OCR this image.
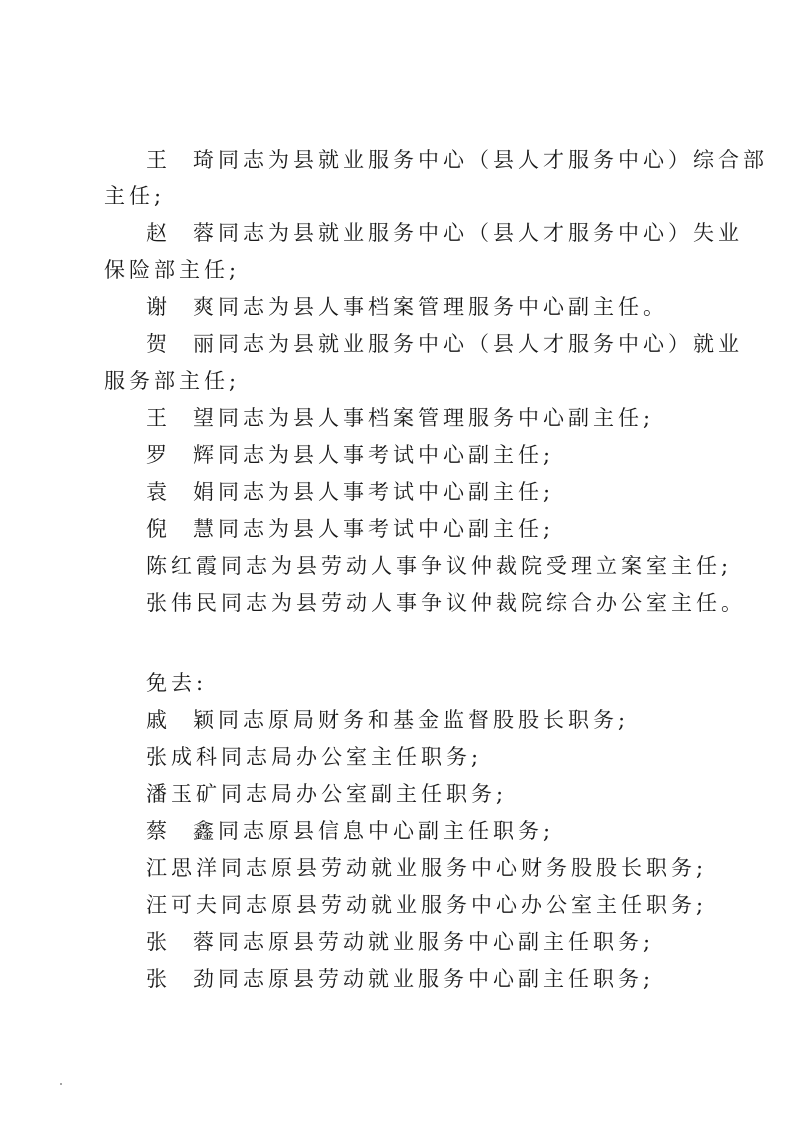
王 琦同志为县就业服务中心（县人才服务中心）综合部
主任;
赵 蓉同志为县就业服务中心（县人才服务中心）失业
保险部主任;
谢 爽同志为县人事档案管理服务中心副主任。
贺 丽同志为县就业服务中心（县人才服务中心）就业
服务部主任;
王 望同志为县人事档案管理服务中心副主任;
罗 辉同志为县人事考试中心副主任;
袁 娟同志为县人事考试中心副主任;
倪 慧同志为县人事考试中心副主任;
陈红霞同志为县劳动人事争议仲裁院受理立案室主任;
张伟民同志为县劳动人事争议仲裁院综合办公室主任。
免去:
戚 颖同志原局财务和基金监督股股长职务;
张成科同志局办公室主任职务;
潘玉矿同志局办公室副主任职务;
蔡 鑫同志原县信息中心副主任职务;
江思洋同志原县劳动就业服务中心财务股股长职务;
汪可夫同志原县劳动就业服务中心办公室主任职务;
张 蓉同志原县劳动就业服务中心副主任职务;
张 劲同志原县劳动就业服务中心副主任职务;
